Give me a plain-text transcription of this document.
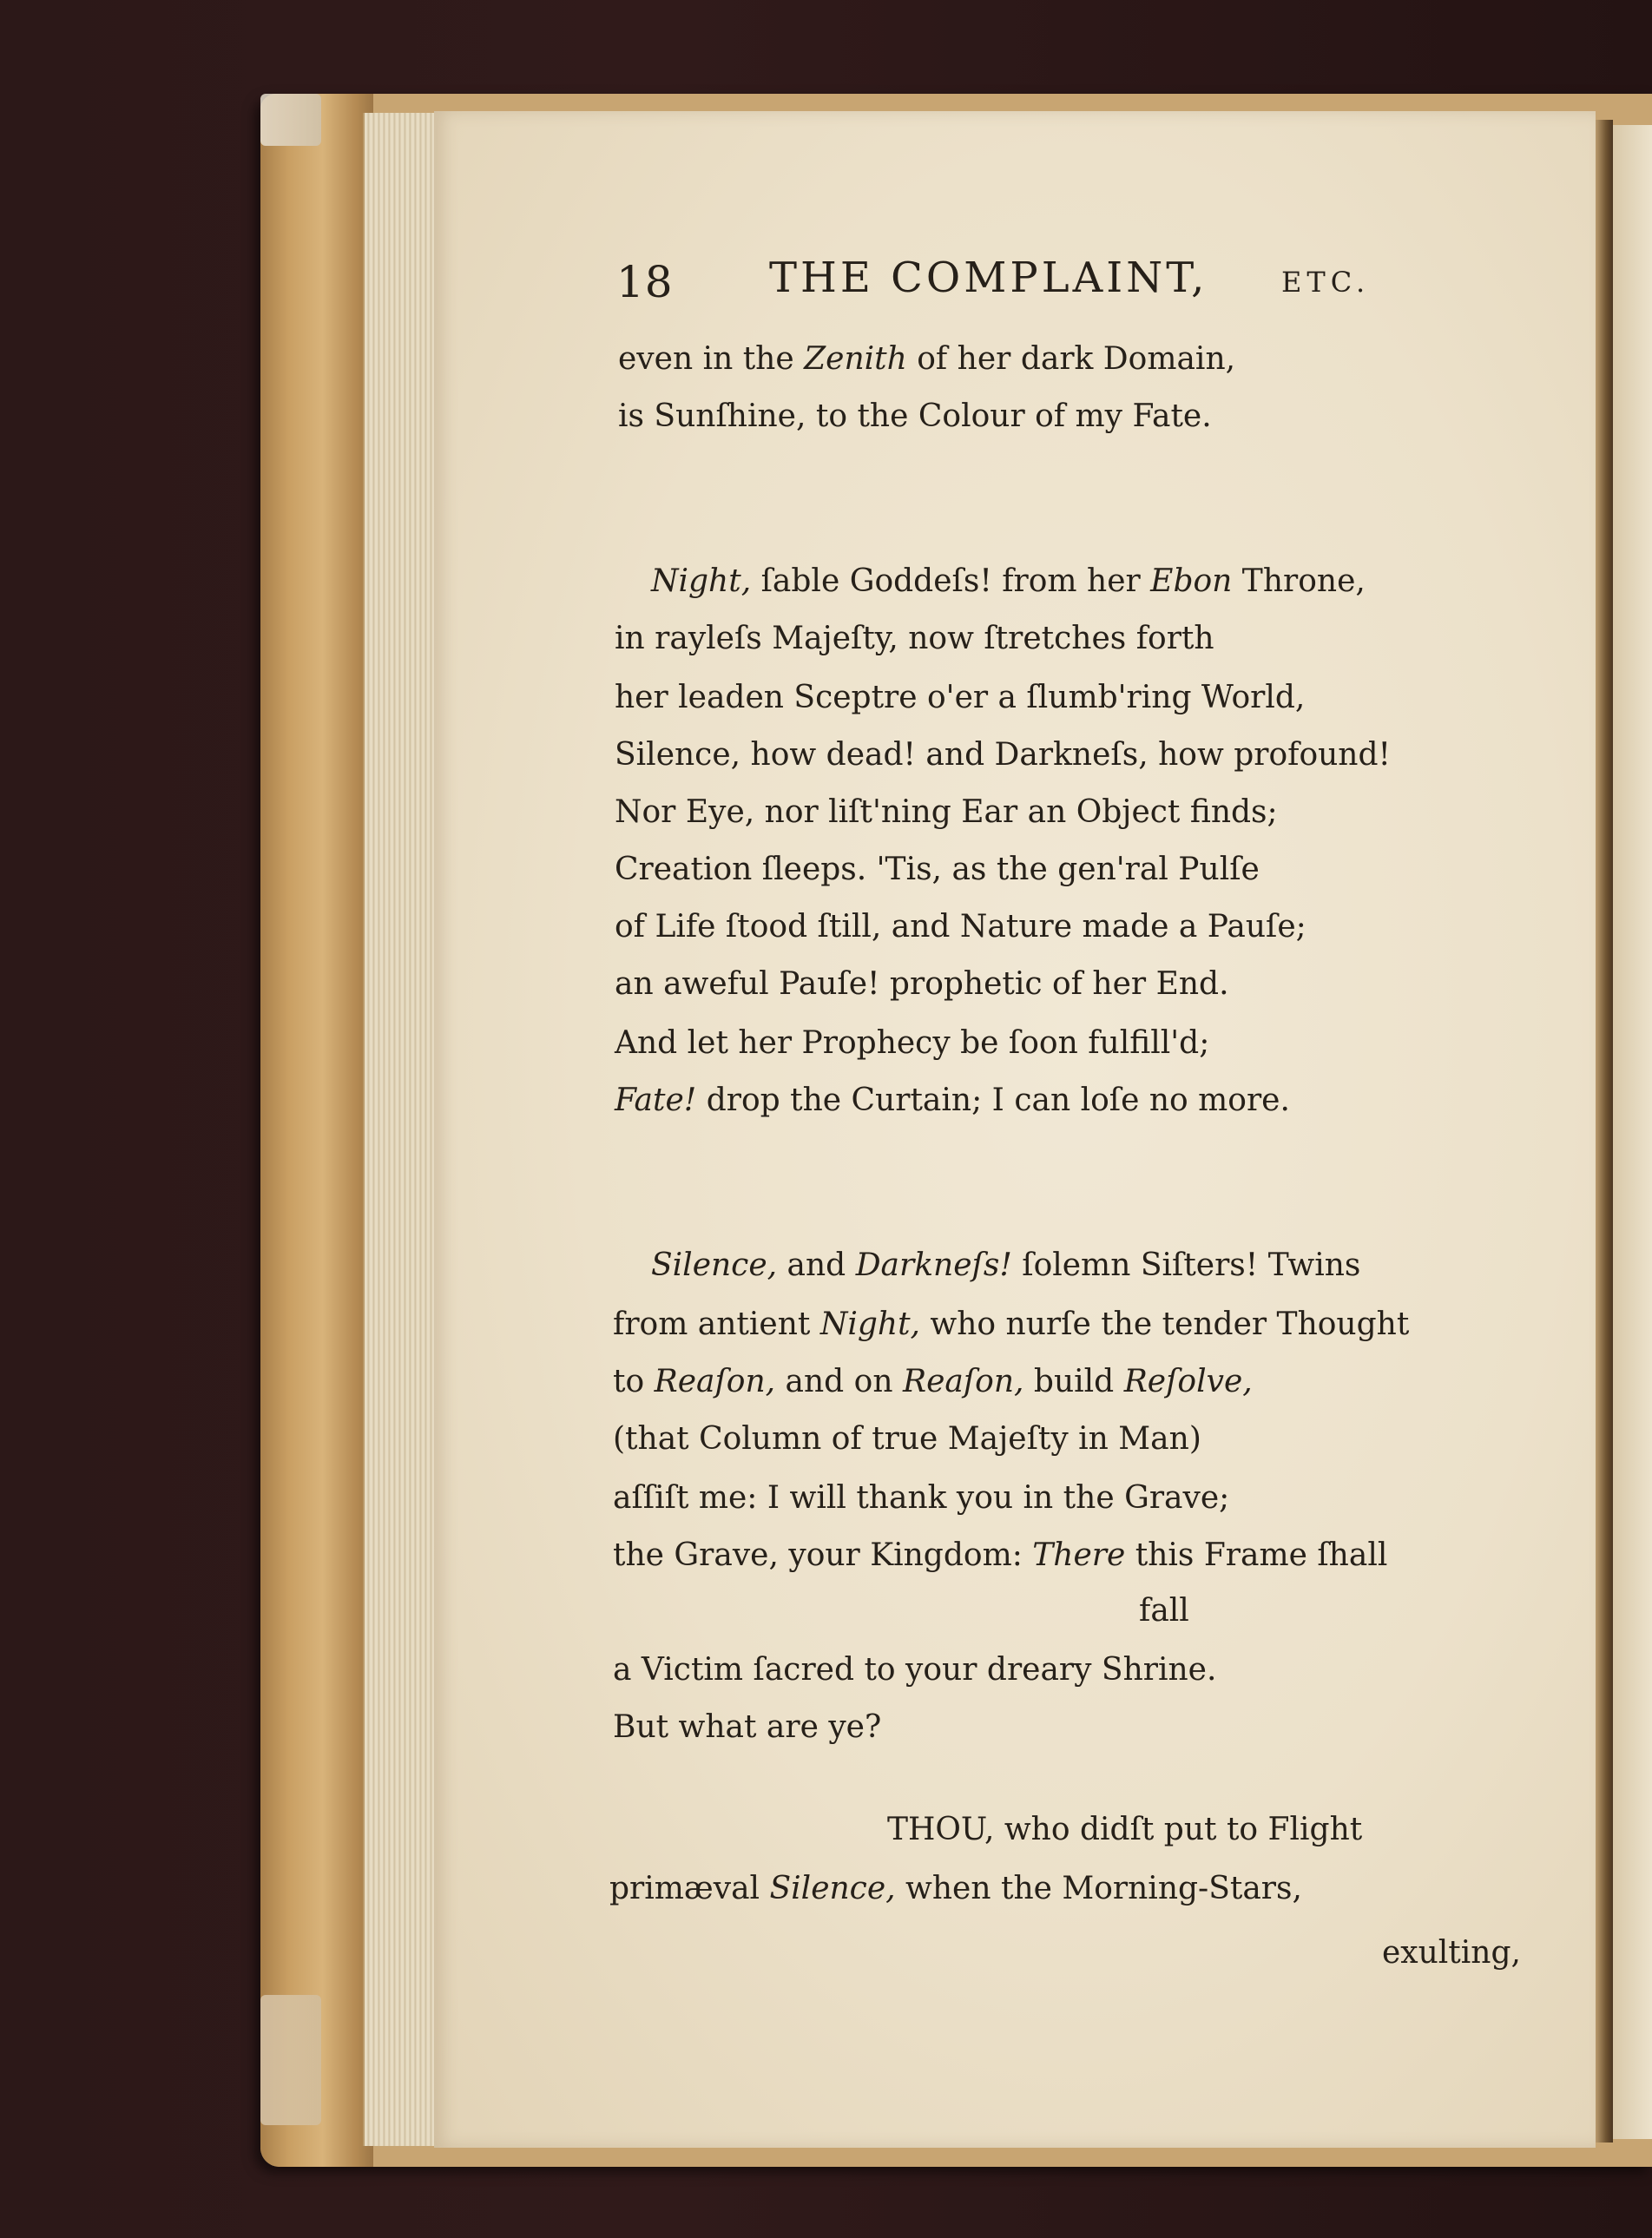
18 THE COMPLAINT,	ETC.
even in the Zenith of her dark Domain,
is Sunſhine, to the Colour of my Fate.
Night, ſable Goddeſs! from her Ebon Throne,
in rayleſs Majeſty, now ſtretches forth
her leaden Sceptre o'er a ſlumb'ring World,
Silence, how dead! and Darkneſs, how profound!
Nor Eye, nor liſt'ning Ear an Object finds;
Creation ſleeps. 'Tis, as the gen'ral Pulſe
of Life ſtood ſtill, and Nature made a Pauſe;
an aweful Pauſe! prophetic of her End.
And let her Prophecy be ſoon fulfill'd;
Fate! drop the Curtain; I can loſe no more.
Silence, and Darkneſs! ſolemn Siſters! Twins
from antient Night, who nurſe the tender Thought
to Reaſon, and on Reaſon, build Reſolve,
(that Column of true Majeſty in Man)
aſſiſt me: I will thank you in the Grave;
the Grave, your Kingdom: There this Frame ſhall
fall
a Victim ſacred to your dreary Shrine.
But what are ye?
THOU, who didſt put to Flight
primæval Silence, when the Morning-Stars,
exulting,
